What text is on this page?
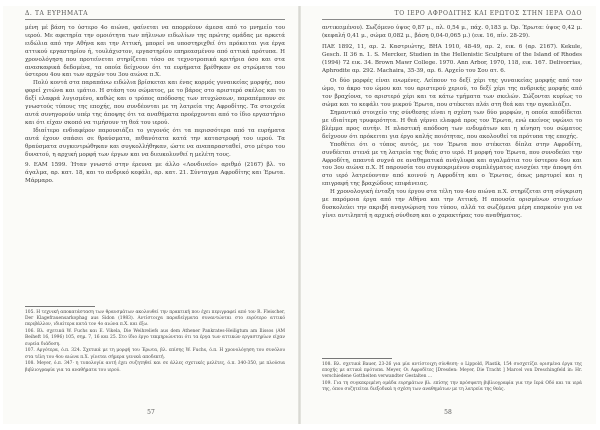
Δ. ΤΑ ΕΥΡΗΜΑΤΑ

μένη μέ βάση το ύστερο 4ο αιώνα, φαίνεται να απορρέουν άμεσα από το μνημείο του ιερού. Με αφετηρία την ομοιότητα των πήλινων ειδωλίων της πρώτης ομάδας με αρκετά ειδώλια από την Αθήνα και την Αττική, μπορεί να υποστηριχθεί ότι πρόκειται για έργα αττικού εργαστηρίου ή, τουλάχιστον, εργαστηρίου επηρεασμένου από αττικά πρότυπα. Η χρονολόγηση που προτείνεται στηρίζεται τόσο σε τεχνοτροπικά κριτήρια όσο και στα ανασκαφικά δεδομένα, τα οποία δείχνουν ότι τα ευρήματα βρέθηκαν σε στρώματα του ύστερου 4ου και των αρχών του 3ου αιώνα π.Χ.

Πολύ κοντά στα παραπάνω ειδώλια βρίσκεται και ένας κορμός γυναικείας μορφής, που φορεί χιτώνα και ιμάτιο. Η στάση του σώματος, με το βάρος στο αριστερό σκέλος και το δεξί ελαφρά λυγισμένο, καθώς και ο τρόπος απόδοσης των πτυχώσεων, παραπέμπουν σε γνωστούς τύπους της εποχής, που συνδέονται με τη λατρεία της Αφροδίτης. Τα στοιχεία αυτά συνηγορούν υπέρ της άποψης ότι τα αναθήματα προέρχονται από το ίδιο εργαστήριο και ότι είχαν σκοπό να τιμήσουν τη θεά του ιερού.

Ιδιαίτερο ενδιαφέρον παρουσιάζει το γεγονός ότι τα περισσότερα από τα ευρήματα αυτά έχουν σπάσει σε θραύσματα, πιθανότατα κατά την καταστροφή του ιερού. Τα θραύσματα συγκεντρώθηκαν και συγκολλήθηκαν, ώστε να αναπαρασταθεί, στο μέτρο του δυνατού, η αρχική μορφή των έργων και να διευκολυνθεί η μελέτη τους.

9. ΕΑΜ 1599. Ήταν γνωστό στην έρευνα με άλλο «Λονδινείο» αριθμό (2167) βλ. το άγαλμα, αρ. κατ. 18, και το ανδρικό κεφάλι, αρ. κατ. 21. Σύνταγμα Αφροδίτης και Έρωτα. Μάρμαρο.

105. Η τεχνική αποκατάσταση των θραυσμάτων ακολουθεί την πρακτική που έχει περιγραφεί από τον R. Fleischer, Der Klagefrauensarkophag aus Sidon (1983). Αντίστοιχα παραδείγματα συναντώνται στο ευρύτερο αττικό περιβάλλον, ιδιαίτερα κατά τον 4ο αιώνα π.Χ. και έξω.

106. Βλ. σχετικά W. Fuchs και E. Vikela, Die Weihreliefs aus dem Athener Pankrates-Heiligtum am Ilissos (AM Beiheft 16, 1996) 105, σημ. 7, 16 και 25. Στο ίδιο έργο τεκμηριώνεται ότι τα έργα των αττικών εργαστηρίων είχαν ευρεία διάδοση.

107. Αργότερα, ό.π. 324. Σχετικά με τη μορφή του Έρωτα, βλ. επίσης W. Fuchs, ό.π. Η χρονολόγηση του συνόλου στα τέλη του 4ου αιώνα π.Χ. γίνεται σήμερα γενικά αποδεκτή.

108. Meyer, ό.π. 347· η τυπολογία αυτή έχει συζητηθεί και σε άλλες σχετικές μελέτες, ό.π. 340-350, με πλούσια βιβλιογραφία για τα αναθήματα του ιερού.

57
ΤΟ ΙΕΡΟ ΑΦΡΟΔΙΤΗΣ ΚΑΙ ΕΡΩΤΟΣ ΣΤΗΝ ΙΕΡΑ ΟΔΟ

αντικειμένου). Σωζόμενο ύψος 0,87 μ., πλ. 0,54 μ., πάχ. 0,183 μ. Όρ. Έρωτα: ύψος 0,42 μ. (κεφαλή 0,41 μ., σώμα 0,082 μ., βάση 0,04-0,065 μ.) (εικ. 16, πίν. 28-29).

ΠΑΕ 1892, 11, αρ. 2. Καστριώτης, ΒΗΑ 1910, 48-49, αρ. 2, εικ. 6 (αρ. 2167). Kekule, Gesch. II 36 n. 1. S. Mercker, Studien in the Hellenistic Sculpture of the Island of Rhodes (1994) 72 εικ. 34. Brown Mawr College. 1970. Ann Arbor, 1970, 118, εικ. 167. Delivorrias, Aphrodite αρ. 292. Machaira, 35-39, αρ. 6. Αρχείο του Σου ατ. 6.

Οι δύο μορφές είναι ενωμένες. Λείπουν το δεξί χέρι της γυναικείας μορφής από τον ώμο, το άκρο του ώμου και του αριστερού χεριού, το δεξί χέρι της ανδρικής μορφής από τον βραχίονα, το αριστερό χέρι και τα κάτω τμήματα των σκελών. Σώζονται κυρίως το σώμα και το κεφάλι του μικρού Έρωτα, που στέκεται πλάι στη θεά και την αγκαλιάζει.

Σημαντικό στοιχείο της σύνθεσης είναι η σχέση των δύο μορφών, η οποία αποδίδεται με ιδιαίτερη τρυφερότητα. Η θεά γέρνει ελαφρά προς τον Έρωτα, ενώ εκείνος υψώνει το βλέμμα προς αυτήν. Η πλαστική απόδοση των ενδυμάτων και η κίνηση του σώματος δείχνουν ότι πρόκειται για έργο καλής ποιότητας, που ακολουθεί τα πρότυπα της εποχής.

Υποθέτει ότι ο τύπος αυτός, με τον Έρωτα που στέκεται δίπλα στην Αφροδίτη, συνδέεται στενά με τη λατρεία της θεάς στο ιερό. Η μορφή του Έρωτα, που συνοδεύει την Αφροδίτη, απαντά συχνά σε αναθηματικά ανάγλυφα και αγαλμάτια του ύστερου 4ου και του 3ου αιώνα π.Χ. Η παρουσία του συγκεκριμένου συμπλέγματος ενισχύει την άποψη ότι στο ιερό λατρεύονταν από κοινού η Αφροδίτη και ο Έρωτας, όπως μαρτυρεί και η επιγραφή της βραχώδους επιφάνειας.

Η χρονολογική ένταξη του έργου στα τέλη του 4ου αιώνα π.Χ. στηρίζεται στη σύγκριση με παρόμοια έργα από την Αθήνα και την Αττική. Η απουσία ορισμένων στοιχείων δυσκολεύει την ακριβή αναγνώριση του τύπου, αλλά τα σωζόμενα μέρη επαρκούν για να γίνει αντιληπτή η αρχική σύνθεση και ο χαρακτήρας του αναθήματος.

108. Βλ. σχετικά Bauer, 23-26 για μία αντίστοιχη σύνθεση· ο Lippold, Plastik, 154 συσχετίζει ορισμένα έργα της εποχής με αττικά πρότυπα. Meyer, Οι Αφροδίτες [Dresden: Meyer, Die Tracht ] Marcel von Dreschingfeld in: Hr. verschiedene Gottheiten verwandter Gestalten ...

109. Για τη συγκεκριμένη ομάδα ευρημάτων βλ. επίσης την πρόσφατη βιβλιογραφία για την Ιερά Οδό και τα ιερά της, όπου συζητείται διεξοδικά η σχέση των αναθημάτων με τη λατρεία της θεάς.

58
